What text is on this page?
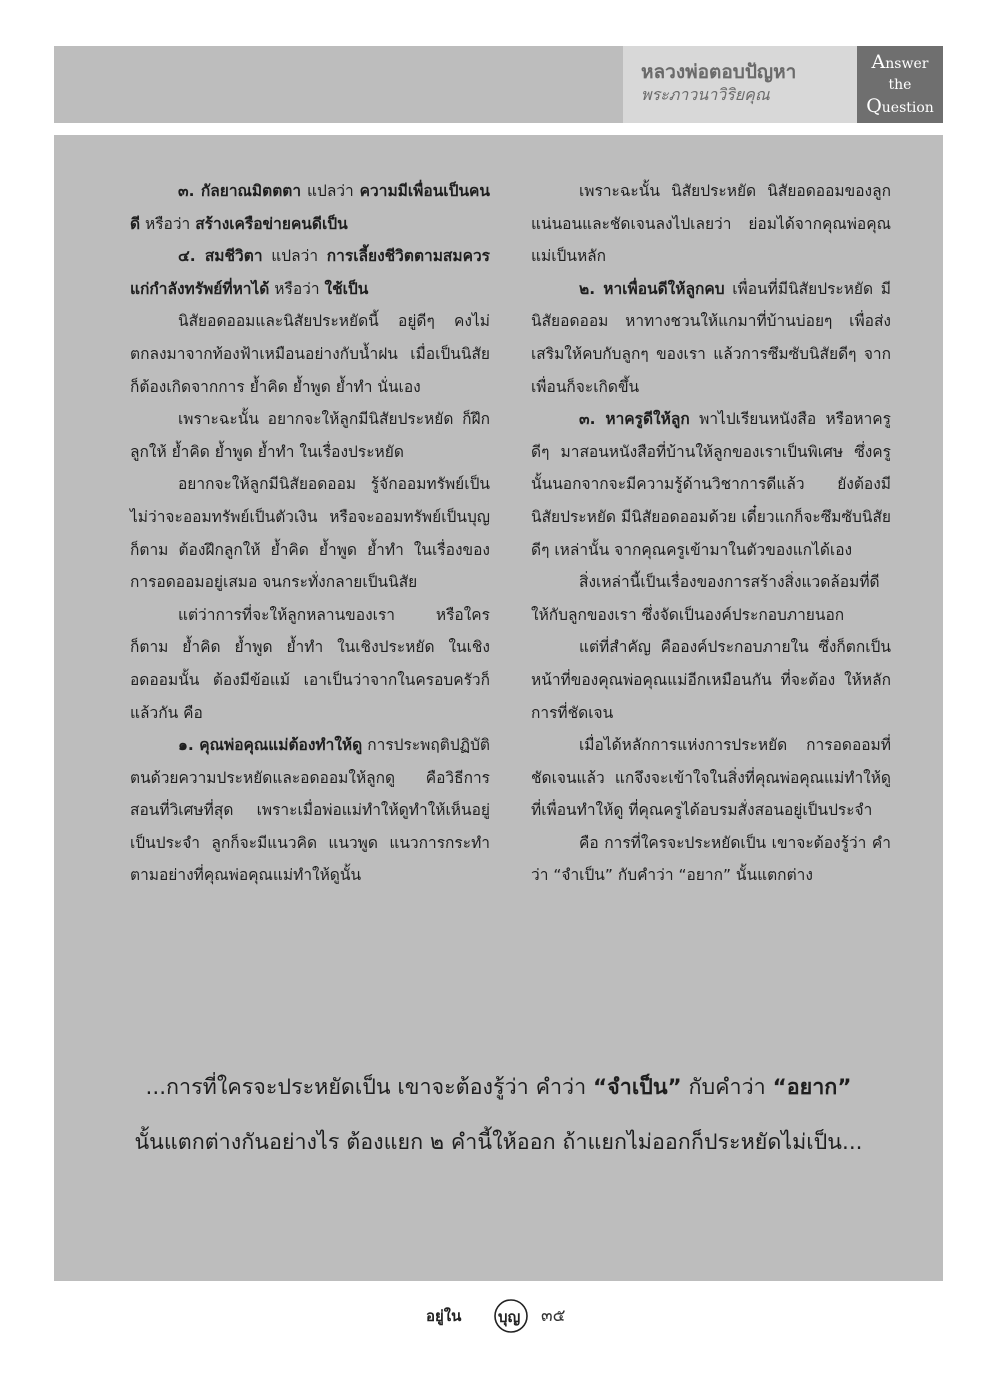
หลวงพ่อตอบปัญหา
พระภาวนาวิริยคุณ
Answer
the
Question

๓. กัลยาณมิตตตา แปลว่า ความมีเพื่อนเป็นคนดี หรือว่า สร้างเครือข่ายคนดีเป็น

๔. สมชีวิตา แปลว่า การเลี้ยงชีวิตตามสมควรแก่กำลังทรัพย์ที่หาได้ หรือว่า ใช้เป็น

นิสัยอดออมและนิสัยประหยัดนี้ อยู่ดีๆ คงไม่ตกลงมาจากท้องฟ้าเหมือนอย่างกับน้ำฝน เมื่อเป็นนิสัย ก็ต้องเกิดจากการ ย้ำคิด ย้ำพูด ย้ำทำ นั่นเอง

เพราะฉะนั้น อยากจะให้ลูกมีนิสัยประหยัด ก็ฝึกลูกให้ ย้ำคิด ย้ำพูด ย้ำทำ ในเรื่องประหยัด

อยากจะให้ลูกมีนิสัยอดออม รู้จักออมทรัพย์เป็น ไม่ว่าจะออมทรัพย์เป็นตัวเงิน หรือจะออมทรัพย์เป็นบุญก็ตาม ต้องฝึกลูกให้ ย้ำคิด ย้ำพูด ย้ำทำ ในเรื่องของการอดออมอยู่เสมอ จนกระทั่งกลายเป็นนิสัย

แต่ว่าการที่จะให้ลูกหลานของเรา หรือใครก็ตาม ย้ำคิด ย้ำพูด ย้ำทำ ในเชิงประหยัด ในเชิงอดออมนั้น ต้องมีข้อแม้ เอาเป็นว่าจากในครอบครัวก็แล้วกัน คือ

๑. คุณพ่อคุณแม่ต้องทำให้ดู การประพฤติปฏิบัติตนด้วยความประหยัดและอดออมให้ลูกดู คือวิธีการสอนที่วิเศษที่สุด เพราะเมื่อพ่อแม่ทำให้ดูทำให้เห็นอยู่เป็นประจำ ลูกก็จะมีแนวคิด แนวพูด แนวการกระทำ ตามอย่างที่คุณพ่อคุณแม่ทำให้ดูนั้น

เพราะฉะนั้น นิสัยประหยัด นิสัยอดออมของลูก แน่นอนและชัดเจนลงไปเลยว่า ย่อมได้จากคุณพ่อคุณแม่เป็นหลัก

๒. หาเพื่อนดีให้ลูกคบ เพื่อนที่มีนิสัยประหยัด มีนิสัยอดออม หาทางชวนให้แกมาที่บ้านบ่อยๆ เพื่อส่งเสริมให้คบกับลูกๆ ของเรา แล้วการซึมซับนิสัยดีๆ จากเพื่อนก็จะเกิดขึ้น

๓. หาครูดีให้ลูก พาไปเรียนหนังสือ หรือหาครูดีๆ มาสอนหนังสือที่บ้านให้ลูกของเราเป็นพิเศษ ซึ่งครูนั้นนอกจากจะมีความรู้ด้านวิชาการดีแล้ว ยังต้องมีนิสัยประหยัด มีนิสัยอดออมด้วย เดี๋ยวแกก็จะซึมซับนิสัยดีๆ เหล่านั้น จากคุณครูเข้ามาในตัวของแกได้เอง

สิ่งเหล่านี้เป็นเรื่องของการสร้างสิ่งแวดล้อมที่ดีให้กับลูกของเรา ซึ่งจัดเป็นองค์ประกอบภายนอก

แต่ที่สำคัญ คือองค์ประกอบภายใน ซึ่งก็ตกเป็นหน้าที่ของคุณพ่อคุณแม่อีกเหมือนกัน ที่จะต้อง ให้หลักการที่ชัดเจน

เมื่อได้หลักการแห่งการประหยัด การอดออมที่ชัดเจนแล้ว แกจึงจะเข้าใจในสิ่งที่คุณพ่อคุณแม่ทำให้ดู ที่เพื่อนทำให้ดู ที่คุณครูได้อบรมสั่งสอนอยู่เป็นประจำ

คือ การที่ใครจะประหยัดเป็น เขาจะต้องรู้ว่า คำว่า “จำเป็น” กับคำว่า “อยาก” นั้นแตกต่าง

...การที่ใครจะประหยัดเป็น เขาจะต้องรู้ว่า คำว่า “จำเป็น” กับคำว่า “อยาก”
นั้นแตกต่างกันอย่างไร ต้องแยก ๒ คำนี้ให้ออก ถ้าแยกไม่ออกก็ประหยัดไม่เป็น...
อยู่ใน บุญ ๓๕
